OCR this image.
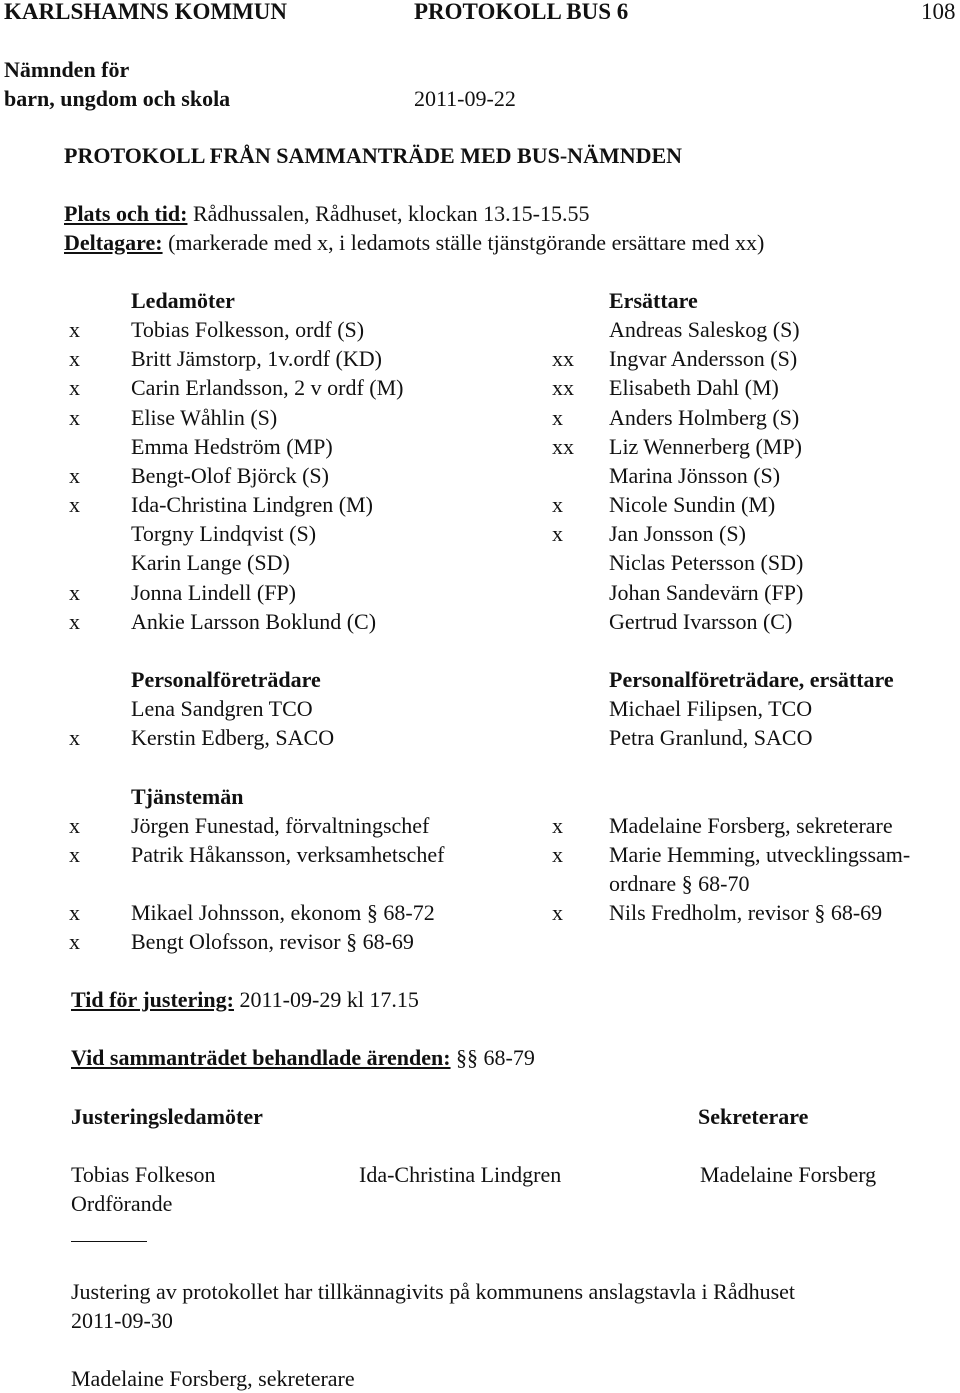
KARLSHAMNS KOMMUN	PROTOKOLL BUS 6	108
Nämnden för
barn, ungdom och skola	2011-09-22
PROTOKOLL FRÅN SAMMANTRÄDE MED BUS-NÄMNDEN
Plats och tid: Rådhussalen, Rådhuset, klockan 13.15-15.55
Deltagare: (markerade med x, i ledamots ställe tjänstgörande ersättare med xx)
Ledamöter	Ersättare
x Tobias Folkesson, ordf (S)	Andreas Saleskog (S)
x Britt Jämstorp, 1v.ordf (KD)	xx Ingvar Andersson (S)
x Carin Erlandsson, 2 v ordf (M)	xx Elisabeth Dahl (M)
x Elise Wåhlin (S)	x Anders Holmberg (S)
Emma Hedström (MP)	xx Liz Wennerberg (MP)
x Bengt-Olof Björck (S)	Marina Jönsson (S)
x Ida-Christina Lindgren (M)	x Nicole Sundin (M)
Torgny Lindqvist (S)	x Jan Jonsson (S)
Karin Lange (SD)	Niclas Petersson (SD)
x Jonna Lindell (FP)	Johan Sandevärn (FP)
x Ankie Larsson Boklund (C)	Gertrud Ivarsson (C)
Personalföreträdare	Personalföreträdare, ersättare
Lena Sandgren TCO	Michael Filipsen, TCO
x Kerstin Edberg, SACO	Petra Granlund, SACO
Tjänstemän
x Jörgen Funestad, förvaltningschef	x Madelaine Forsberg, sekreterare
x Patrik Håkansson, verksamhetschef	x Marie Hemming, utvecklingssam-
ordnare § 68-70
x Mikael Johnsson, ekonom § 68-72	x Nils Fredholm, revisor § 68-69
x Bengt Olofsson, revisor § 68-69
Tid för justering: 2011-09-29 kl 17.15
Vid sammanträdet behandlade ärenden: §§ 68-79
Justeringsledamöter	Sekreterare
Tobias Folkeson	Ida-Christina Lindgren	Madelaine Forsberg
Ordförande
Justering av protokollet har tillkännagivits på kommunens anslagstavla i Rådhuset
2011-09-30
Madelaine Forsberg, sekreterare
